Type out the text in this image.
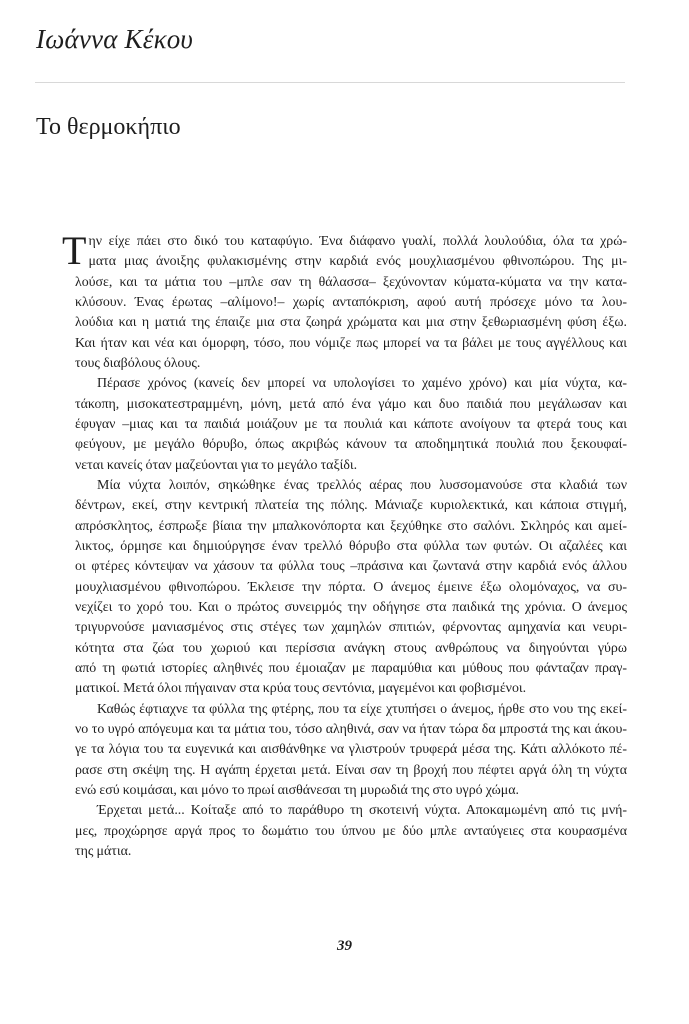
Ιωάννα Κέκου
Το θερμοκήπιο
Τ ην είχε πάει στο δικό του καταφύγιο. Ένα διάφανο γυαλί, πολλά λουλούδια, όλα τα χρώ-
ματα μιας άνοιξης φυλακισμένης στην καρδιά ενός μουχλιασμένου φθινοπώρου. Της μι-
λούσε, και τα μάτια του –μπλε σαν τη θάλασσα– ξεχύνονταν κύματα-κύματα να την κατα-
κλύσουν. Ένας έρωτας –αλίμονο!– χωρίς ανταπόκριση, αφού αυτή πρόσεχε μόνο τα λου-
λούδια και η ματιά της έπαιζε μια στα ζωηρά χρώματα και μια στην ξεθωριασμένη φύση έξω.
Και ήταν και νέα και όμορφη, τόσο, που νόμιζε πως μπορεί να τα βάλει με τους αγγέλλους και
τους διαβόλους όλους.
Πέρασε χρόνος (κανείς δεν μπορεί να υπολογίσει το χαμένο χρόνο) και μία νύχτα, κα-
τάκοπη, μισοκατεστραμμένη, μόνη, μετά από ένα γάμο και δυο παιδιά που μεγάλωσαν και
έφυγαν –μιας και τα παιδιά μοιάζουν με τα πουλιά και κάποτε ανοίγουν τα φτερά τους και
φεύγουν, με μεγάλο θόρυβο, όπως ακριβώς κάνουν τα αποδημητικά πουλιά που ξεκουφαί-
νεται κανείς όταν μαζεύονται για το μεγάλο ταξίδι.
Μία νύχτα λοιπόν, σηκώθηκε ένας τρελλός αέρας που λυσσομανούσε στα κλαδιά των
δέντρων, εκεί, στην κεντρική πλατεία της πόλης. Μάνιαζε κυριολεκτικά, και κάποια στιγμή,
απρόσκλητος, έσπρωξε βίαια την μπαλκονόπορτα και ξεχύθηκε στο σαλόνι. Σκληρός και αμεί-
λικτος, όρμησε και δημιούργησε έναν τρελλό θόρυβο στα φύλλα των φυτών. Οι αζαλέες και
οι φτέρες κόντεψαν να χάσουν τα φύλλα τους –πράσινα και ζωντανά στην καρδιά ενός άλλου
μουχλιασμένου φθινοπώρου. Έκλεισε την πόρτα. Ο άνεμος έμεινε έξω ολομόναχος, να συ-
νεχίζει το χορό του. Και ο πρώτος συνειρμός την οδήγησε στα παιδικά της χρόνια. Ο άνεμος
τριγυρνούσε μανιασμένος στις στέγες των χαμηλών σπιτιών, φέρνοντας αμηχανία και νευρι-
κότητα στα ζώα του χωριού και περίσσια ανάγκη στους ανθρώπους να διηγούνται γύρω
από τη φωτιά ιστορίες αληθινές που έμοιαζαν με παραμύθια και μύθους που φάνταζαν πραγ-
ματικοί. Μετά όλοι πήγαιναν στα κρύα τους σεντόνια, μαγεμένοι και φοβισμένοι.
Καθώς έφτιαχνε τα φύλλα της φτέρης, που τα είχε χτυπήσει ο άνεμος, ήρθε στο νου της εκεί-
νο το υγρό απόγευμα και τα μάτια του, τόσο αληθινά, σαν να ήταν τώρα δα μπροστά της και άκου-
γε τα λόγια του τα ευγενικά και αισθάνθηκε να γλιστρούν τρυφερά μέσα της. Κάτι αλλόκοτο πέ-
ρασε στη σκέψη της. Η αγάπη έρχεται μετά. Είναι σαν τη βροχή που πέφτει αργά όλη τη νύχτα
ενώ εσύ κοιμάσαι, και μόνο το πρωί αισθάνεσαι τη μυρωδιά της στο υγρό χώμα.
Έρχεται μετά... Κοίταξε από το παράθυρο τη σκοτεινή νύχτα. Αποκαμωμένη από τις μνή-
μες, προχώρησε αργά προς το δωμάτιο του ύπνου με δύο μπλε ανταύγειες στα κουρασμένα
της μάτια.
39
